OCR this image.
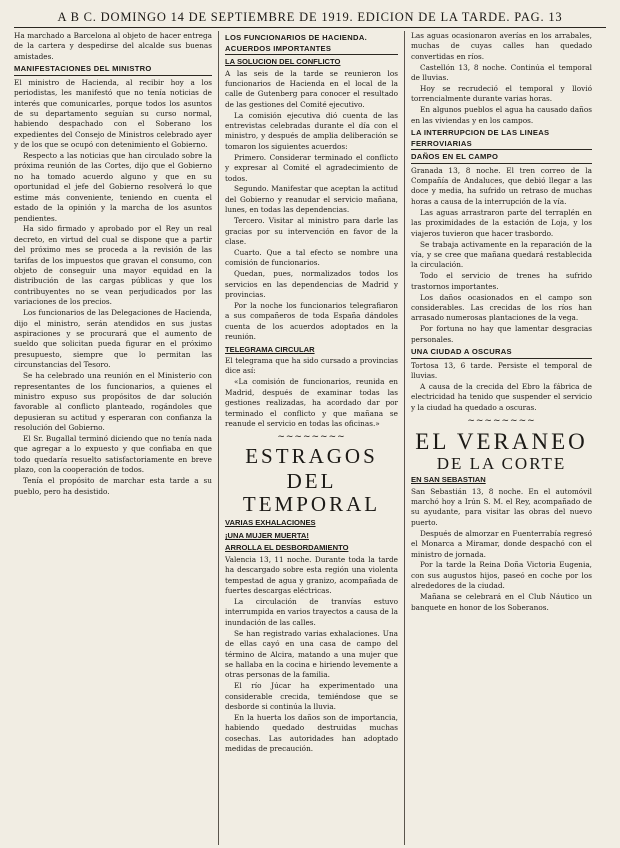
A B C. DOMINGO 14 DE SEPTIEMBRE DE 1919. EDICION DE LA TARDE. PAG. 13

Ha marchado a Barcelona al objeto de hacer entrega de la cartera y despedirse del alcalde sus buenas amistades.

MANIFESTACIONES DEL MINISTRO

El ministro de Hacienda, al recibir hoy a los periodistas, les manifestó que no tenía noticias de interés que comunicarles, porque todos los asuntos de su departamento seguían su curso normal, habiendo despachado con el Soberano los expedientes del Consejo de Ministros celebrado ayer y de los que se ocupó con detenimiento el Gobierno.

Respecto a las noticias que han circulado sobre la próxima reunión de las Cortes, dijo que el Gobierno no ha tomado acuerdo alguno y que en su oportunidad el jefe del Gobierno resolverá lo que estime más conveniente, teniendo en cuenta el estado de la opinión y la marcha de los asuntos pendientes.

Ha sido firmado y aprobado por el Rey un real decreto, en virtud del cual se dispone que a partir del próximo mes se proceda a la revisión de las tarifas de los impuestos que gravan el consumo, con objeto de conseguir una mayor equidad en la distribución de las cargas públicas y que los contribuyentes no se vean perjudicados por las variaciones de los precios.

Los funcionarios de las Delegaciones de Hacienda, dijo el ministro, serán atendidos en sus justas aspiraciones y se procurará que el aumento de sueldo que solicitan pueda figurar en el próximo presupuesto, siempre que lo permitan las circunstancias del Tesoro.

Se ha celebrado una reunión en el Ministerio con representantes de los funcionarios, a quienes el ministro expuso sus propósitos de dar solución favorable al conflicto planteado, rogándoles que depusieran su actitud y esperaran con confianza la resolución del Gobierno.

El Sr. Bugallal terminó diciendo que no tenía nada que agregar a lo expuesto y que confiaba en que todo quedaría resuelto satisfactoriamente en breve plazo, con la cooperación de todos.

Tenía el propósito de marchar esta tarde a su pueblo, pero ha desistido.

LOS FUNCIONARIOS DE HACIENDA. ACUERDOS IMPORTANTES
LA SOLUCION DEL CONFLICTO

A las seis de la tarde se reunieron los funcionarios de Hacienda en el local de la calle de Gutenberg para conocer el resultado de las gestiones del Comité ejecutivo.

La comisión ejecutiva dió cuenta de las entrevistas celebradas durante el día con el ministro, y después de amplia deliberación se tomaron los siguientes acuerdos:

Primero. Considerar terminado el conflicto y expresar al Comité el agradecimiento de todos.

Segundo. Manifestar que aceptan la actitud del Gobierno y reanudar el servicio mañana, lunes, en todas las dependencias.

Tercero. Visitar al ministro para darle las gracias por su intervención en favor de la clase.

Cuarto. Que a tal efecto se nombre una comisión de funcionarios.

Quedan, pues, normalizados todos los servicios en las dependencias de Madrid y provincias.

Por la noche los funcionarios telegrafiaron a sus compañeros de toda España dándoles cuenta de los acuerdos adoptados en la reunión.

TELEGRAMA CIRCULAR

El telegrama que ha sido cursado a provincias dice así:

«La comisión de funcionarios, reunida en Madrid, después de examinar todas las gestiones realizadas, ha acordado dar por terminado el conflicto y que mañana se reanude el servicio en todas las oficinas.»

~~~~~~~~
ESTRAGOS
DEL TEMPORAL
VARIAS EXHALACIONES
¡UNA MUJER MUERTA!
ARROLLA EL DESBORDAMIENTO

Valencia 13, 11 noche. Durante toda la tarde ha descargado sobre esta región una violenta tempestad de agua y granizo, acompañada de fuertes descargas eléctricas.

La circulación de tranvías estuvo interrumpida en varios trayectos a causa de la inundación de las calles.

Se han registrado varias exhalaciones. Una de ellas cayó en una casa de campo del término de Alcira, matando a una mujer que se hallaba en la cocina e hiriendo levemente a otras personas de la familia.

El río Júcar ha experimentado una considerable crecida, temiéndose que se desborde si continúa la lluvia.

En la huerta los daños son de importancia, habiendo quedado destruidas muchas cosechas. Las autoridades han adoptado medidas de precaución.

Las aguas ocasionaron averías en los arrabales, muchas de cuyas calles han quedado convertidas en ríos.

Castellón 13, 8 noche. Continúa el temporal de lluvias.

Hoy se recrudeció el temporal y llovió torrencialmente durante varias horas.

En algunos pueblos el agua ha causado daños en las viviendas y en los campos.

LA INTERRUPCION DE LAS LINEAS FERROVIARIAS
DAÑOS EN EL CAMPO

Granada 13, 8 noche. El tren correo de la Compañía de Andaluces, que debió llegar a las doce y media, ha sufrido un retraso de muchas horas a causa de la interrupción de la vía.

Las aguas arrastraron parte del terraplén en las proximidades de la estación de Loja, y los viajeros tuvieron que hacer trasbordo.

Se trabaja activamente en la reparación de la vía, y se cree que mañana quedará restablecida la circulación.

Todo el servicio de trenes ha sufrido trastornos importantes.

Los daños ocasionados en el campo son considerables. Las crecidas de los ríos han arrasado numerosas plantaciones de la vega.

Por fortuna no hay que lamentar desgracias personales.

UNA CIUDAD A OSCURAS

Tortosa 13, 6 tarde. Persiste el temporal de lluvias.

A causa de la crecida del Ebro la fábrica de electricidad ha tenido que suspender el servicio y la ciudad ha quedado a oscuras.

~~~~~~~~
EL VERANEO
DE LA CORTE
EN SAN SEBASTIAN

San Sebastián 13, 8 noche. En el automóvil marchó hoy a Irún S. M. el Rey, acompañado de su ayudante, para visitar las obras del nuevo puerto.

Después de almorzar en Fuenterrabía regresó el Monarca a Miramar, donde despachó con el ministro de jornada.

Por la tarde la Reina Doña Victoria Eugenia, con sus augustos hijos, paseó en coche por los alrededores de la ciudad.

Mañana se celebrará en el Club Náutico un banquete en honor de los Soberanos.
